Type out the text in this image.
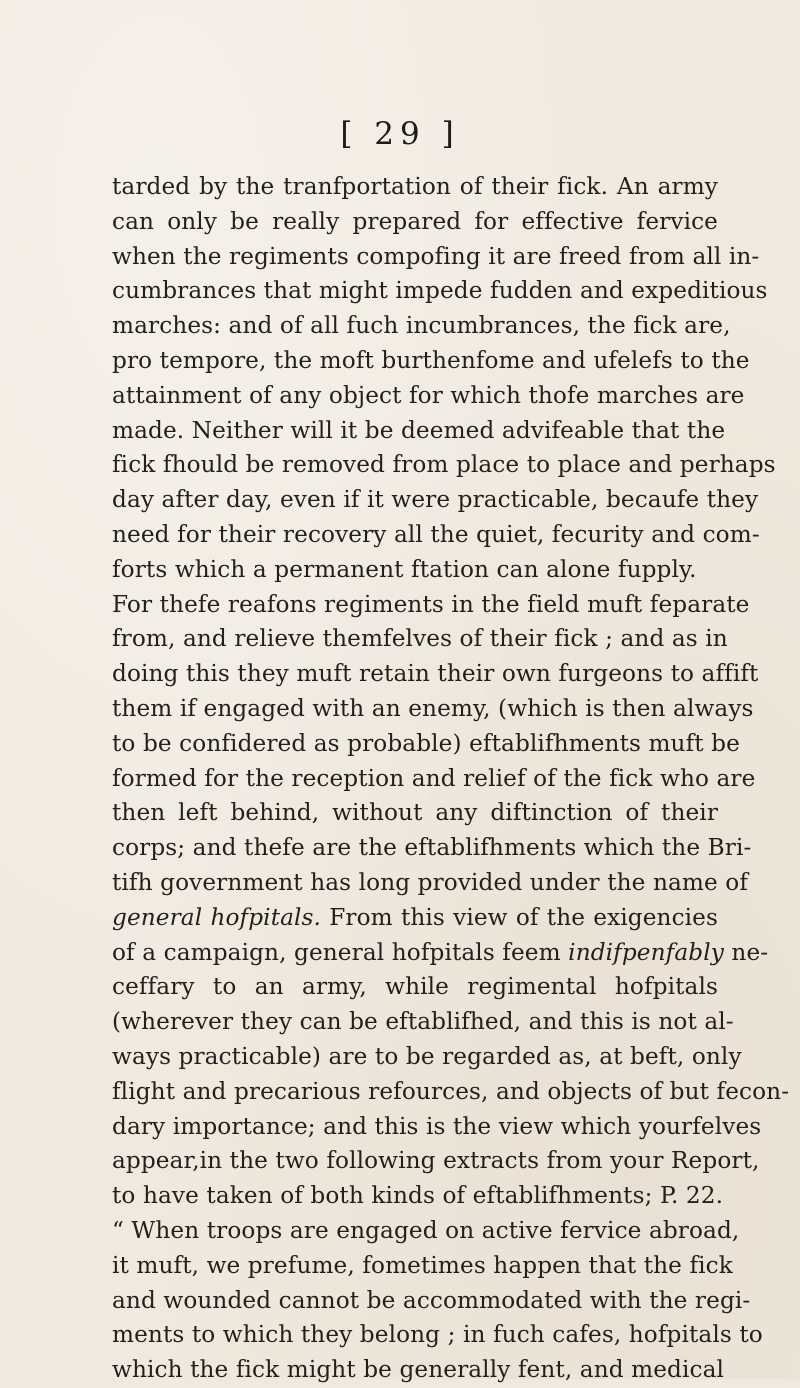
[ 29 ]
tarded by the tranfportation of their fick. An army
can only be really prepared for effective fervice
when the regiments compofing it are freed from all in-
cumbrances that might impede fudden and expeditious
marches: and of all fuch incumbrances, the fick are,
pro tempore, the moft burthenfome and ufelefs to the
attainment of any object for which thofe marches are
made. Neither will it be deemed advifeable that the
fick fhould be removed from place to place and perhaps
day after day, even if it were practicable, becaufe they
need for their recovery all the quiet, fecurity and com-
forts which a permanent ftation can alone fupply.
For thefe reafons regiments in the field muft feparate
from, and relieve themfelves of their fick ; and as in
doing this they muft retain their own furgeons to affift
them if engaged with an enemy, (which is then always
to be confidered as probable) eftablifhments muft be
formed for the reception and relief of the fick who are
then left behind, without any diftinction of their
corps; and thefe are the eftablifhments which the Bri-
tifh government has long provided under the name of
general hofpitals. From this view of the exigencies
of a campaign, general hofpitals feem indifpenfably ne-
ceffary to an army, while regimental hofpitals
(wherever they can be eftablifhed, and this is not al-
ways practicable) are to be regarded as, at beft, only
flight and precarious refources, and objects of but fecon-
dary importance; and this is the view which yourfelves
appear,in the two following extracts from your Report,
to have taken of both kinds of eftablifhments; P. 22.
“ When troops are engaged on active fervice abroad,
it muft, we prefume, fometimes happen that the fick
and wounded cannot be accommodated with the regi-
ments to which they belong ; in fuch cafes, hofpitals to
which the fick might be generally fent, and medical
